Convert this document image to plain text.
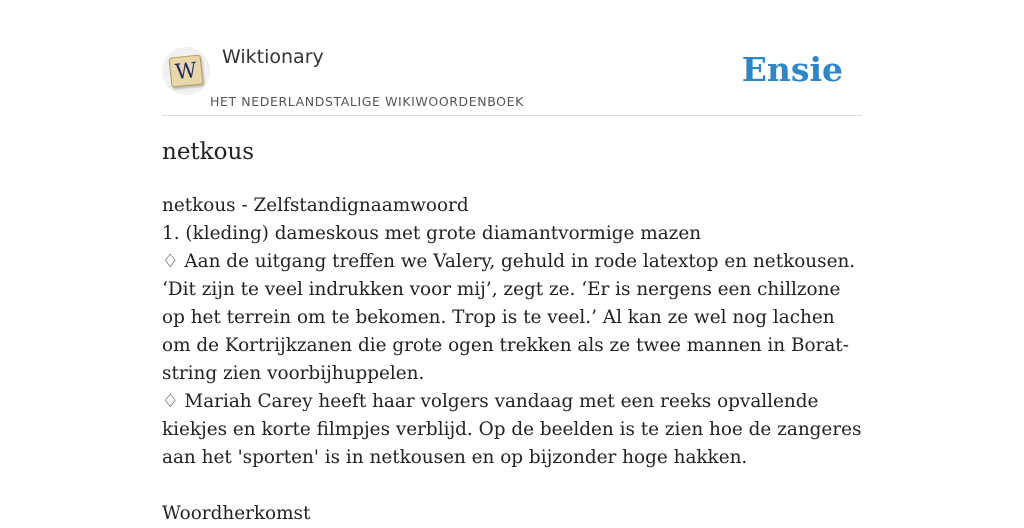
W
Wiktionary
HET NEDERLANDSTALIGE WIKIWOORDENBOEK
Ensie
netkous
netkous - Zelfstandignaamwoord
1. (kleding) dameskous met grote diamantvormige mazen
♢ Aan de uitgang treffen we Valery, gehuld in rode latextop en netkousen. ‘Dit zijn te veel indrukken voor mij’, zegt ze. ‘Er is nergens een chillzone op het terrein om te bekomen. Trop is te veel.’ Al kan ze wel nog lachen om de Kortrijkzanen die grote ogen trekken als ze twee mannen in Borat-string zien voorbijhuppelen.
♢ Mariah Carey heeft haar volgers vandaag met een reeks opvallende kiekjes en korte filmpjes verblijd. Op de beelden is te zien hoe de zangeres aan het 'sporten' is in netkousen en op bijzonder hoge hakken.
Woordherkomst
